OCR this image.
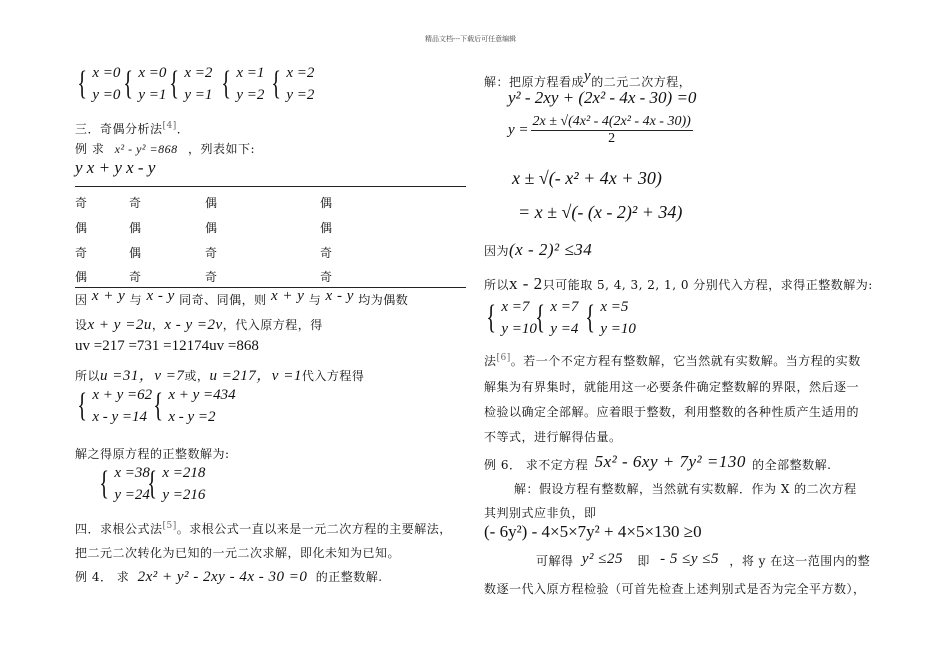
精品文档---下载后可任意编辑
{ x =0
y =0 { x =0
y =1 { x =2
y =1 { x =1
y =2 { x =2
y =2
三．奇偶分析法[4]．
例 求 x² - y² =868 ，列表如下:
y x + y x - y
奇	奇	偶	偶
偶	偶	偶	偶
奇	偶	奇	奇
偶	奇	奇	奇
因 x + y 与 x - y 同奇、同偶，则 x + y 与 x - y 均为偶数
设x + y =2u，x - y =2v，代入原方程，得
uv =217 =731 =12174uv =868
所以u =31，v =7或，u =217，v =1代入方程得
{ x + y =62
x - y =14 { x + y =434
x - y =2
解之得原方程的正整数解为:
{ x =38
y =24
{ x =218
y =216
四．求根公式法[5]。求根公式一直以来是一元二次方程的主要解法，
把二元二次转化为已知的一元二次求解，即化未知为已知。
例 4． 求 2x² + y² - 2xy - 4x - 30 =0 的正整数解.
解：把原方程看成y的二元二次方程，
y² - 2xy + (2x² - 4x - 30) =0
$y = \frac{\text{2x ± √(4x² - 4(2x² - 4x - 30))}}{2}$
x ± √(- x² + 4x + 30)
= x ± √(- (x - 2)² + 34)
因为(x - 2)² ≤34
所以x - 2只可能取 5, 4, 3, 2, 1, 0 分别代入方程，求得正整数解为:
{ x =7
y =10
{ x =7
y =4 { x =5
y =10
法[6]。若一个不定方程有整数解，它当然就有实数解。当方程的实数
解集为有界集时，就能用这一必要条件确定整数解的界限，然后逐一
检验以确定全部解。应着眼于整数，利用整数的各种性质产生适用的
不等式，进行解得估量。
例 6． 求不定方程 5x² - 6xy + 7y² =130 的全部整数解.
解：假设方程有整数解，当然就有实数解．作为 X 的二次方程
其判别式应非负，即
(- 6y²) - 4×5×7y² + 4×5×130 ≥0
可解得 y² ≤25 即 - 5 ≤y ≤5 ，将 y 在这一范围内的整
数逐一代入原方程检验（可首先检查上述判别式是否为完全平方数），
